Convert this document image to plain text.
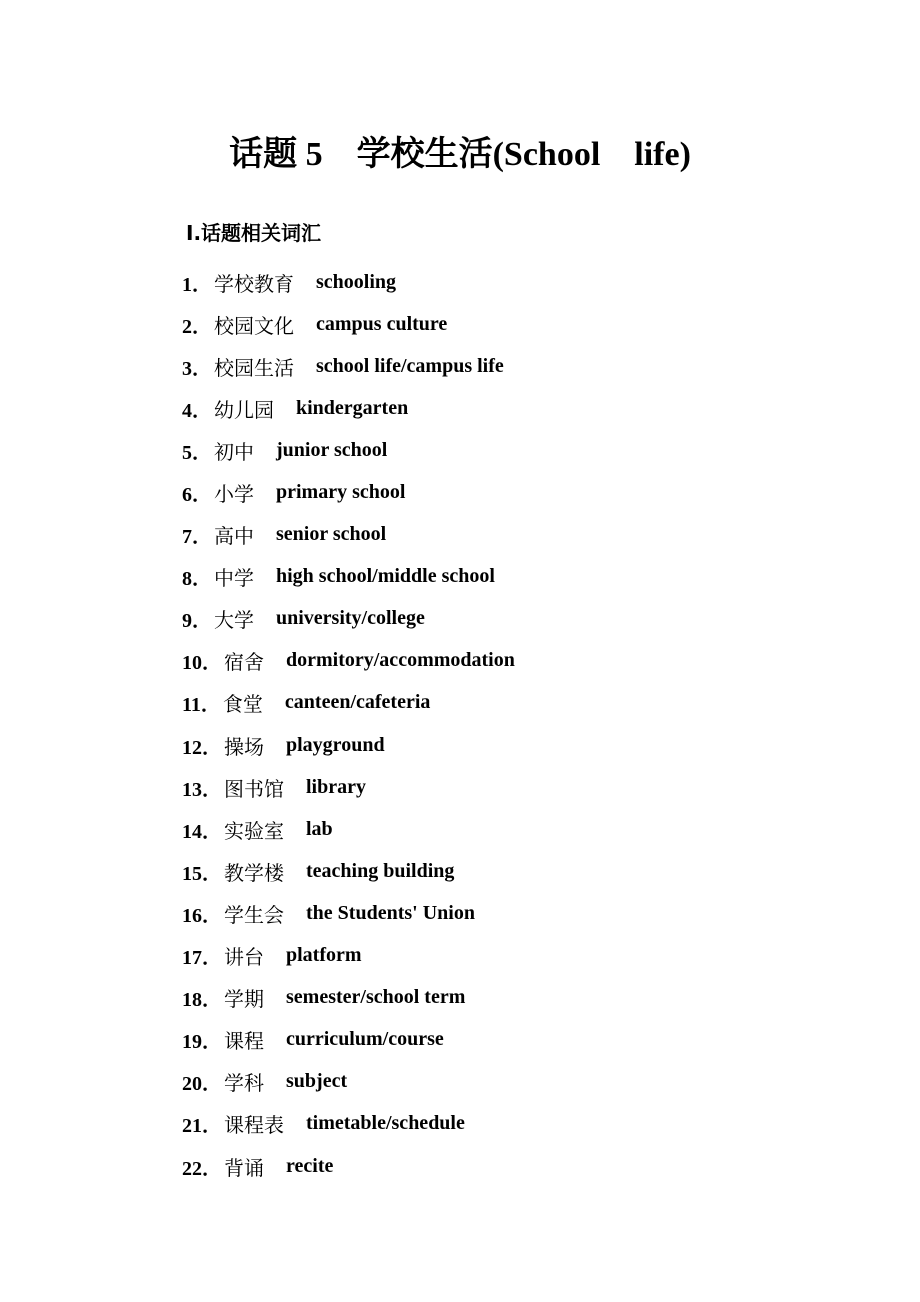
话题 5　学校生活(School　life)
Ⅰ.话题相关词汇
1． 学校教育 schooling
2． 校园文化 campus culture
3． 校园生活 school life/campus life
4． 幼儿园 kindergarten
5． 初中 junior school
6． 小学 primary school
7． 高中 senior school
8． 中学 high school/middle school
9． 大学 university/college
10． 宿舍 dormitory/accommodation
11． 食堂 canteen/cafeteria
12． 操场 playground
13． 图书馆 library
14． 实验室 lab
15． 教学楼 teaching building
16． 学生会 the Students' Union
17． 讲台 platform
18． 学期 semester/school term
19． 课程 curriculum/course
20． 学科 subject
21． 课程表 timetable/schedule
22． 背诵 recite
